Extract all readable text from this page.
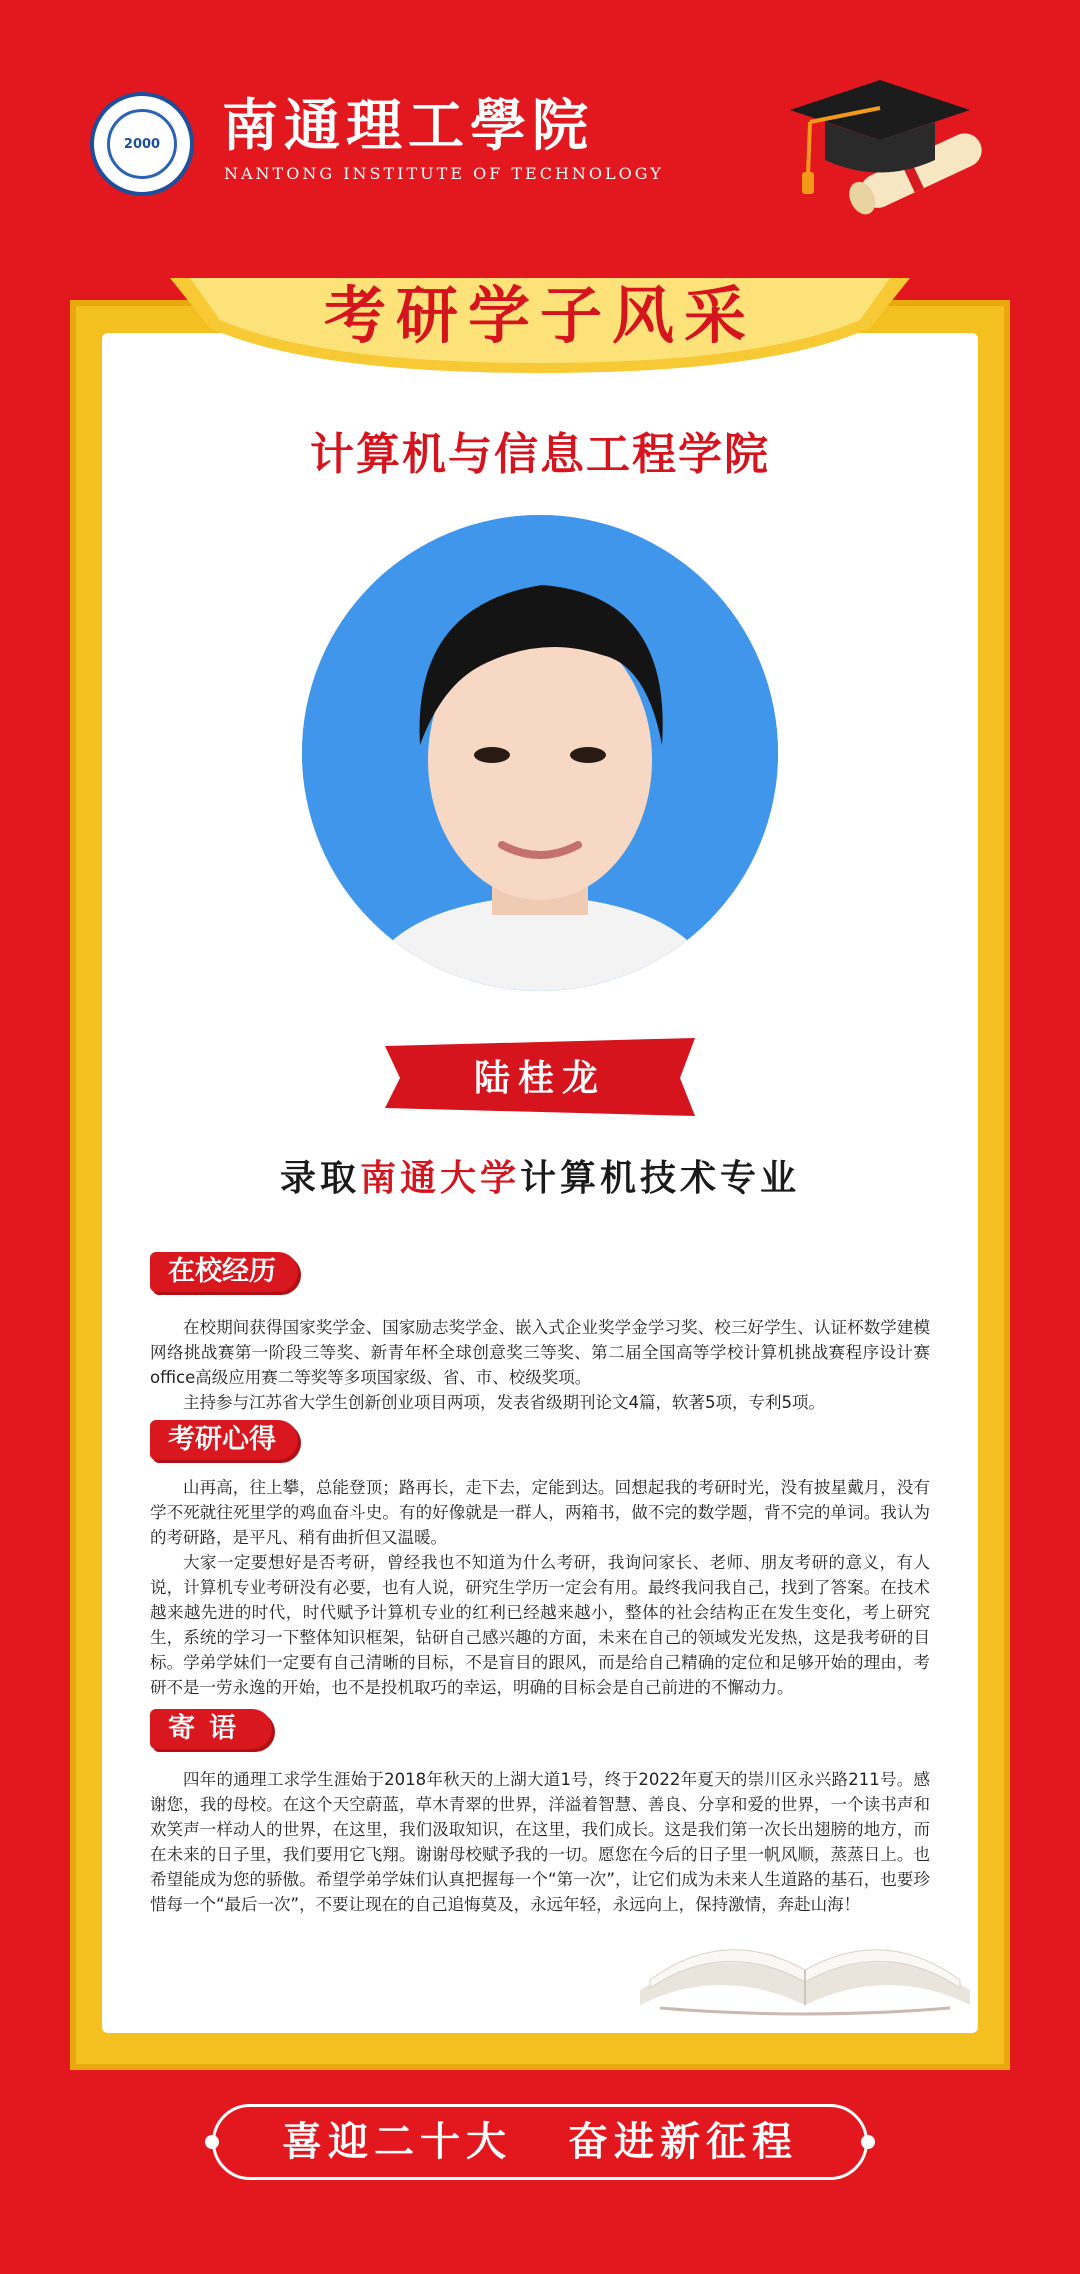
2000 南通理工學院
NANTONG INSTITUTE OF TECHNOLOGY
考研学子风采
计算机与信息工程学院
陆桂龙
录取南通大学计算机技术专业
在校经历

在校期间获得国家奖学金、国家励志奖学金、嵌入式企业奖学金学习奖、校三好学生、认证杯数学建模网络挑战赛第一阶段三等奖、新青年杯全球创意奖三等奖、第二届全国高等学校计算机挑战赛程序设计赛office高级应用赛二等奖等多项国家级、省、市、校级奖项。

主持参与江苏省大学生创新创业项目两项，发表省级期刊论文4篇，软著5项，专利5项。

考研心得

山再高，往上攀，总能登顶；路再长，走下去，定能到达。回想起我的考研时光，没有披星戴月，没有学不死就往死里学的鸡血奋斗史。有的好像就是一群人，两箱书，做不完的数学题，背不完的单词。我认为的考研路，是平凡、稍有曲折但又温暖。

大家一定要想好是否考研，曾经我也不知道为什么考研，我询问家长、老师、朋友考研的意义，有人说，计算机专业考研没有必要，也有人说，研究生学历一定会有用。最终我问我自己，找到了答案。在技术越来越先进的时代，时代赋予计算机专业的红利已经越来越小，整体的社会结构正在发生变化，考上研究生，系统的学习一下整体知识框架，钻研自己感兴趣的方面，未来在自己的领域发光发热，这是我考研的目标。学弟学妹们一定要有自己清晰的目标，不是盲目的跟风，而是给自己精确的定位和足够开始的理由，考研不是一劳永逸的开始，也不是投机取巧的幸运，明确的目标会是自己前进的不懈动力。

寄语

四年的通理工求学生涯始于2018年秋天的上湖大道1号，终于2022年夏天的崇川区永兴路211号。感谢您，我的母校。在这个天空蔚蓝，草木青翠的世界，洋溢着智慧、善良、分享和爱的世界，一个读书声和欢笑声一样动人的世界，在这里，我们汲取知识，在这里，我们成长。这是我们第一次长出翅膀的地方，而在未来的日子里，我们要用它飞翔。谢谢母校赋予我的一切。愿您在今后的日子里一帆风顺，蒸蒸日上。也希望能成为您的骄傲。希望学弟学妹们认真把握每一个“第一次”，让它们成为未来人生道路的基石，也要珍惜每一个“最后一次”，不要让现在的自己追悔莫及，永远年轻，永远向上，保持激情，奔赴山海！

喜迎二十大 奋进新征程
